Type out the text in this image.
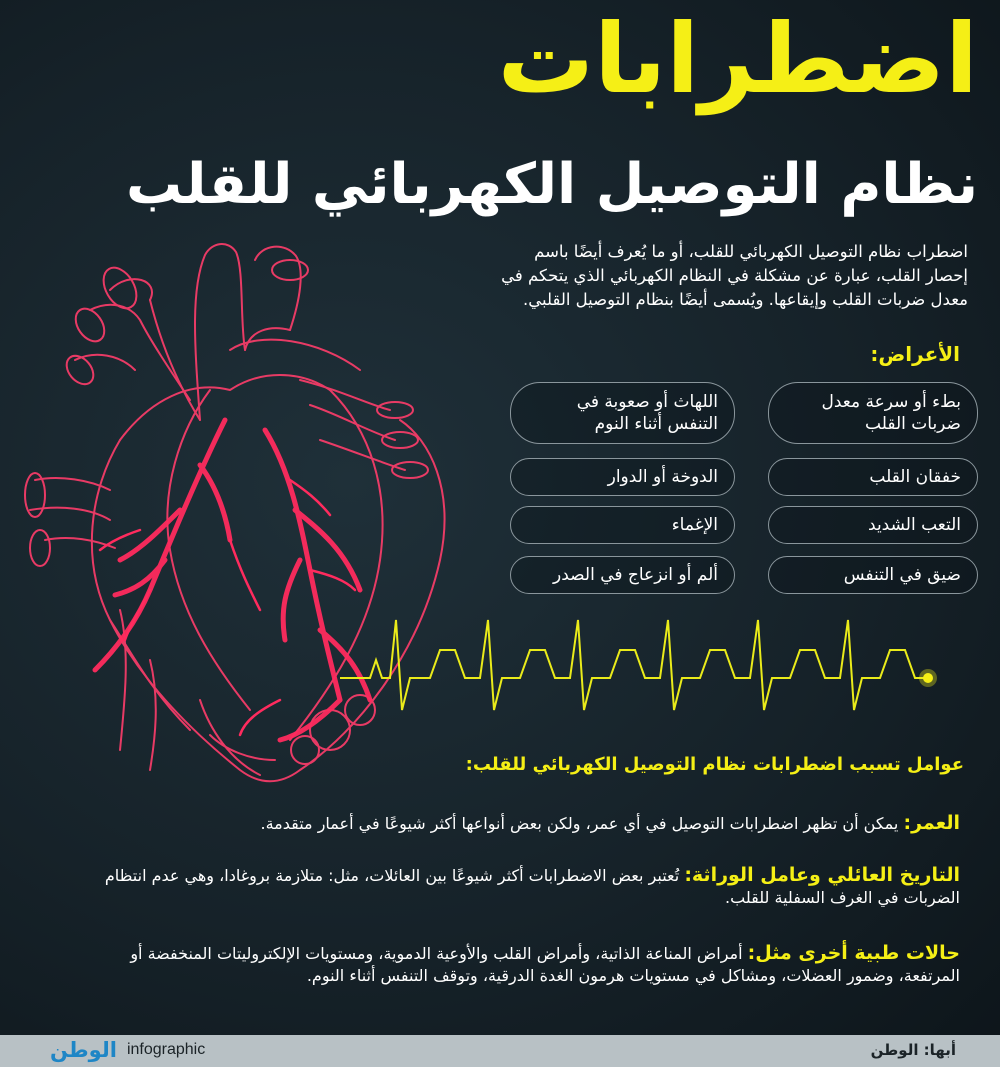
اضطرابات
نظام التوصيل الكهربائي للقلب

اضطراب نظام التوصيل الكهربائي للقلب، أو ما يُعرف أيضًا باسم إحصار القلب، عبارة عن مشكلة في النظام الكهربائي الذي يتحكم في معدل ضربات القلب وإيقاعها. ويُسمى أيضًا بنظام التوصيل القلبي.

الأعراض:
بطء أو سرعة معدل ضربات القلب
اللهاث أو صعوبة في التنفس أثناء النوم
خفقان القلب
الدوخة أو الدوار
التعب الشديد
الإغماء
ضيق في التنفس
ألم أو انزعاج في الصدر
عوامل تسبب اضطرابات نظام التوصيل الكهربائي للقلب:

العمر: يمكن أن تظهر اضطرابات التوصيل في أي عمر، ولكن بعض أنواعها أكثر شيوعًا في أعمار متقدمة.

التاريخ العائلي وعامل الوراثة: تُعتبر بعض الاضطرابات أكثر شيوعًا بين العائلات، مثل: متلازمة بروغادا، وهي عدم انتظام الضربات في الغرف السفلية للقلب.

حالات طبية أخرى مثل: أمراض المناعة الذاتية، وأمراض القلب والأوعية الدموية، ومستويات الإلكتروليتات المنخفضة أو المرتفعة، وضمور العضلات، ومشاكل في مستويات هرمون الغدة الدرقية، وتوقف التنفس أثناء النوم.

أبها: الوطن
الوطن infographic
